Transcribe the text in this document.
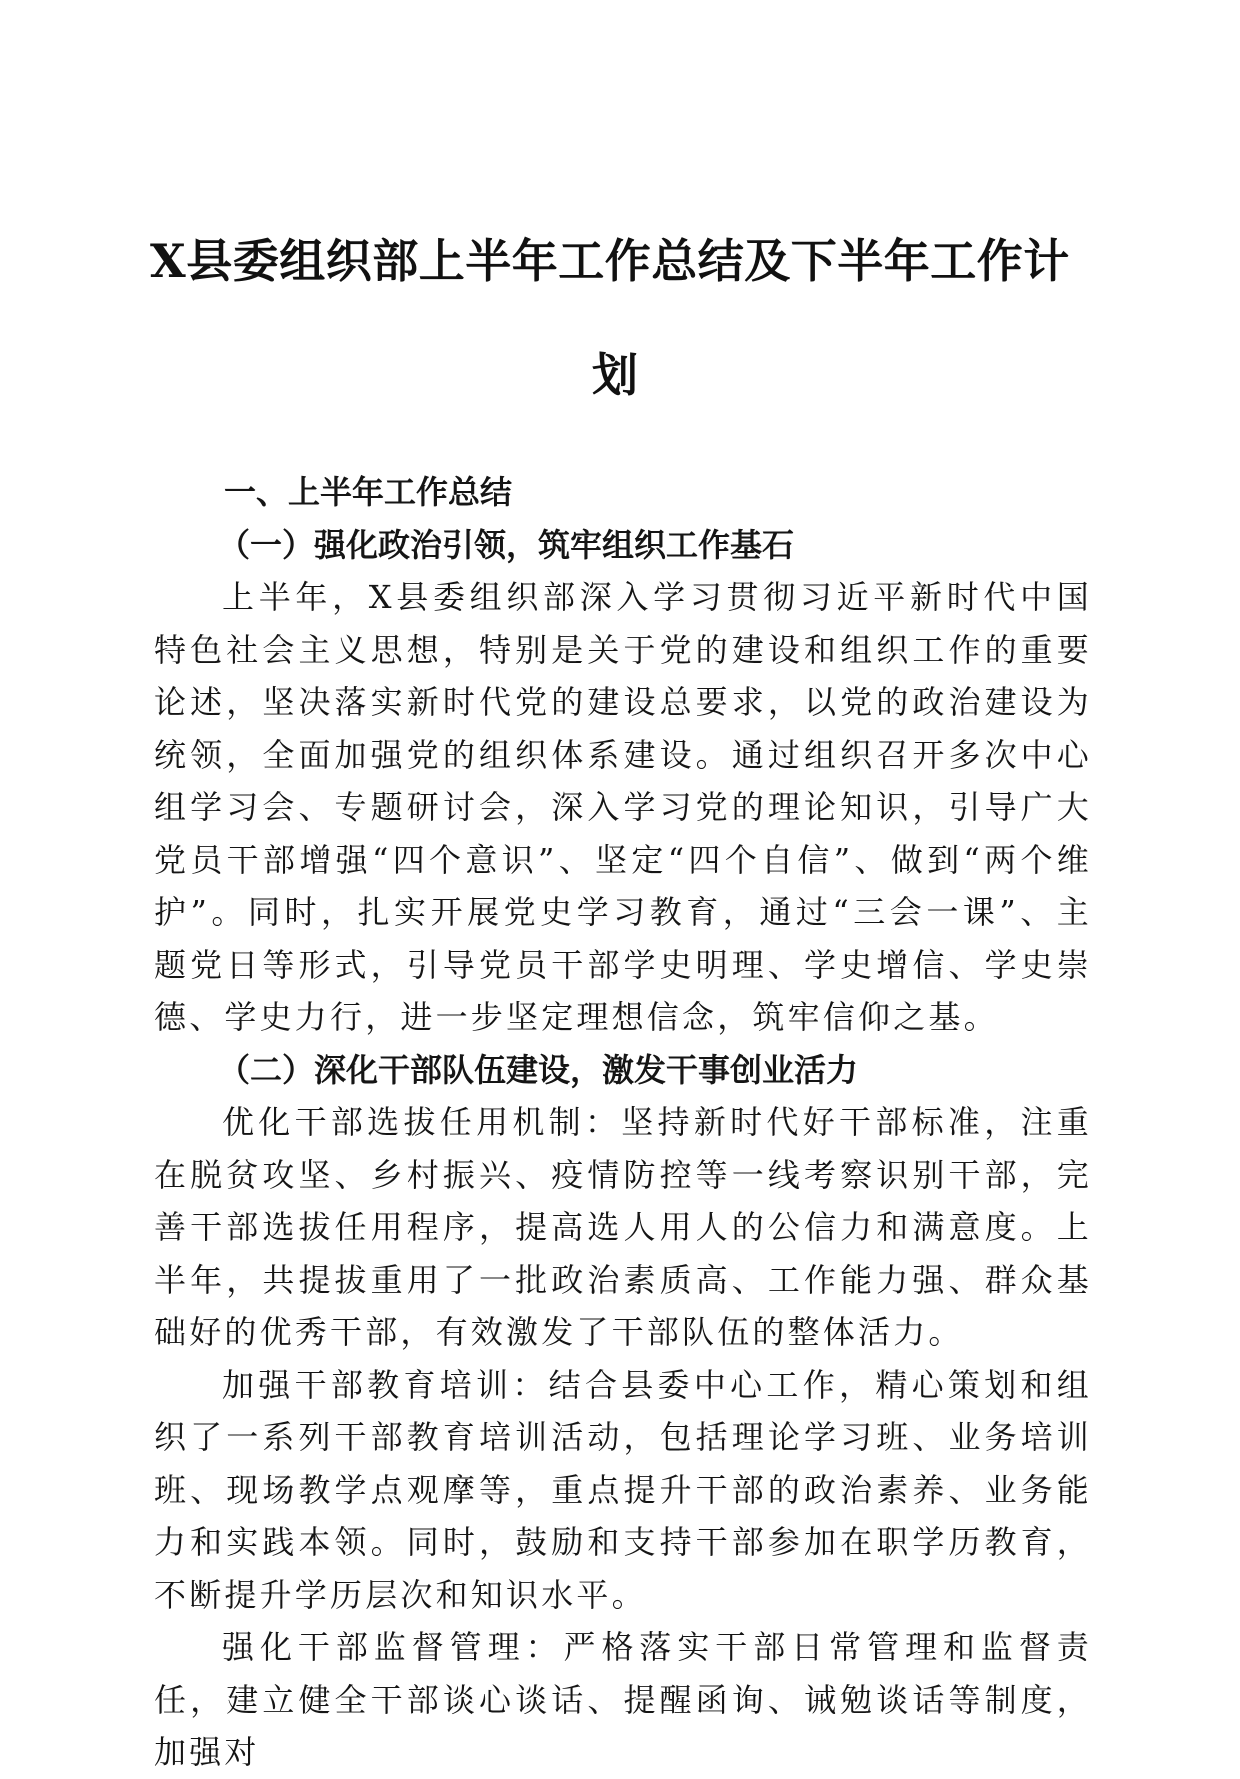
X县委组织部上半年工作总结及下半年工作计
划

一、上半年工作总结

（一）强化政治引领，筑牢组织工作基石

上半年，X县委组织部深入学习贯彻习近平新时代中国特色社会主义思想，特别是关于党的建设和组织工作的重要论述，坚决落实新时代党的建设总要求，以党的政治建设为统领，全面加强党的组织体系建设。通过组织召开多次中心组学习会、专题研讨会，深入学习党的理论知识，引导广大党员干部增强“四个意识”、坚定“四个自信”、做到“两个维护”。同时，扎实开展党史学习教育，通过“三会一课”、主题党日等形式，引导党员干部学史明理、学史增信、学史崇德、学史力行，进一步坚定理想信念，筑牢信仰之基。

（二）深化干部队伍建设，激发干事创业活力

优化干部选拔任用机制：坚持新时代好干部标准，注重在脱贫攻坚、乡村振兴、疫情防控等一线考察识别干部，完善干部选拔任用程序，提高选人用人的公信力和满意度。上半年，共提拔重用了一批政治素质高、工作能力强、群众基础好的优秀干部，有效激发了干部队伍的整体活力。

加强干部教育培训：结合县委中心工作，精心策划和组织了一系列干部教育培训活动，包括理论学习班、业务培训班、现场教学点观摩等，重点提升干部的政治素养、业务能力和实践本领。同时，鼓励和支持干部参加在职学历教育，不断提升学历层次和知识水平。

强化干部监督管理：严格落实干部日常管理和监督责任，建立健全干部谈心谈话、提醒函询、诫勉谈话等制度，加强对
